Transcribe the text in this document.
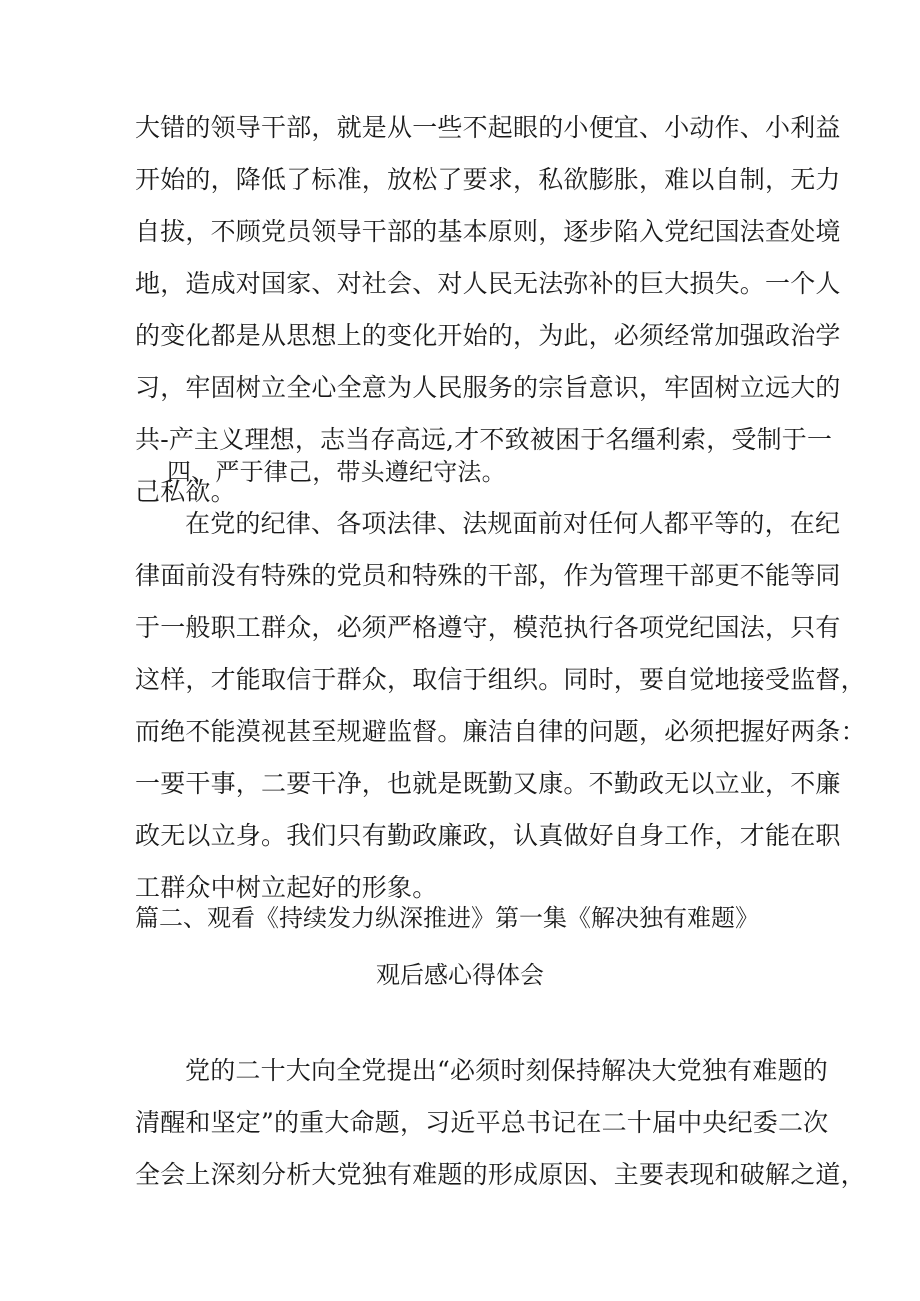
大错的领导干部，就是从一些不起眼的小便宜、小动作、小利益
开始的，降低了标准，放松了要求，私欲膨胀，难以自制，无力
自拔，不顾党员领导干部的基本原则，逐步陷入党纪国法查处境
地，造成对国家、对社会、对人民无法弥补的巨大损失。一个人
的变化都是从思想上的变化开始的，为此，必须经常加强政治学
习，牢固树立全心全意为人民服务的宗旨意识，牢固树立远大的
共-产主义理想，志当存高远,才不致被困于名缰利索，受制于一
己私欲。
四、严于律己，带头遵纪守法。
在党的纪律、各项法律、法规面前对任何人都平等的，在纪
律面前没有特殊的党员和特殊的干部，作为管理干部更不能等同
于一般职工群众，必须严格遵守，模范执行各项党纪国法，只有
这样，才能取信于群众，取信于组织。同时，要自觉地接受监督，
而绝不能漠视甚至规避监督。廉洁自律的问题，必须把握好两条：
一要干事，二要干净，也就是既勤又康。不勤政无以立业，不廉
政无以立身。我们只有勤政廉政，认真做好自身工作，才能在职
工群众中树立起好的形象。
篇二、观看《持续发力纵深推进》第一集《解决独有难题》
观后感心得体会
党的二十大向全党提出“必须时刻保持解决大党独有难题的
清醒和坚定”的重大命题，习近平总书记在二十届中央纪委二次
全会上深刻分析大党独有难题的形成原因、主要表现和破解之道，
